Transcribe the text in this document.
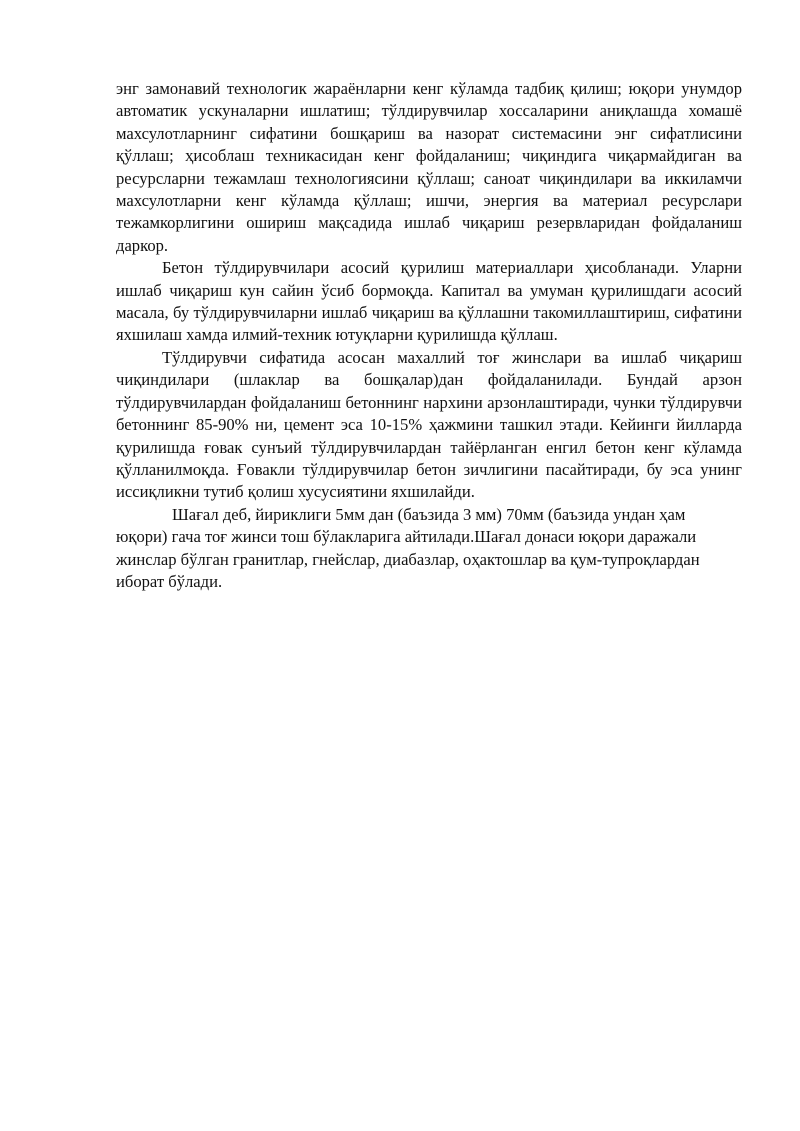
энг замонавий технологик жараёнларни кенг кўламда тадбиқ қилиш; юқори унумдор автоматик ускуналарни ишлатиш; тўлдирувчилар хоссаларини аниқлашда хомашё махсулотларнинг сифатини бошқариш ва назорат системасини энг сифатлисини қўллаш; ҳисоблаш техникасидан кенг фойдаланиш; чиқиндига чиқармайдиган ва ресурсларни тежамлаш технологиясини қўллаш; саноат чиқиндилари ва иккиламчи махсулотларни кенг кўламда қўллаш; ишчи, энергия ва материал ресурслари тежамкорлигини ошириш мақсадида ишлаб чиқариш резервларидан фойдаланиш даркор.

Бетон тўлдирувчилари асосий қурилиш материаллари ҳисобланади. Уларни ишлаб чиқариш кун сайин ўсиб бормоқда. Капитал ва умуман қурилишдаги асосий масала, бу тўлдирувчиларни ишлаб чиқариш ва қўллашни такомиллаштириш, сифатини яхшилаш хамда илмий-техник ютуқларни қурилишда қўллаш.

Тўлдирувчи сифатида асосан махаллий тоғ жинслари ва ишлаб чиқариш чиқиндилари (шлаклар ва бошқалар)дан фойдаланилади. Бундай арзон тўлдирувчилардан фойдаланиш бетоннинг нархини арзонлаштиради, чунки тўлдирувчи бетоннинг 85-90% ни, цемент эса 10-15% ҳажмини ташкил этади. Кейинги йилларда қурилишда ғовак сунъий тўлдирувчилардан тайёрланган енгил бетон кенг кўламда қўлланилмоқда. Ғовакли тўлдирувчилар бетон зичлигини пасайтиради, бу эса унинг иссиқликни тутиб қолиш хусусиятини яхшилайди.

Шағал деб, йириклиги 5мм дан (баъзида 3 мм) 70мм (баъзида ундан ҳам юқори) гача тоғ жинси тош бўлакларига айтилади.Шағал донаси юқори даражали жинслар бўлган гранитлар, гнейслар, диабазлар, оҳактошлар ва қум-тупроқлардан иборат бўлади.
